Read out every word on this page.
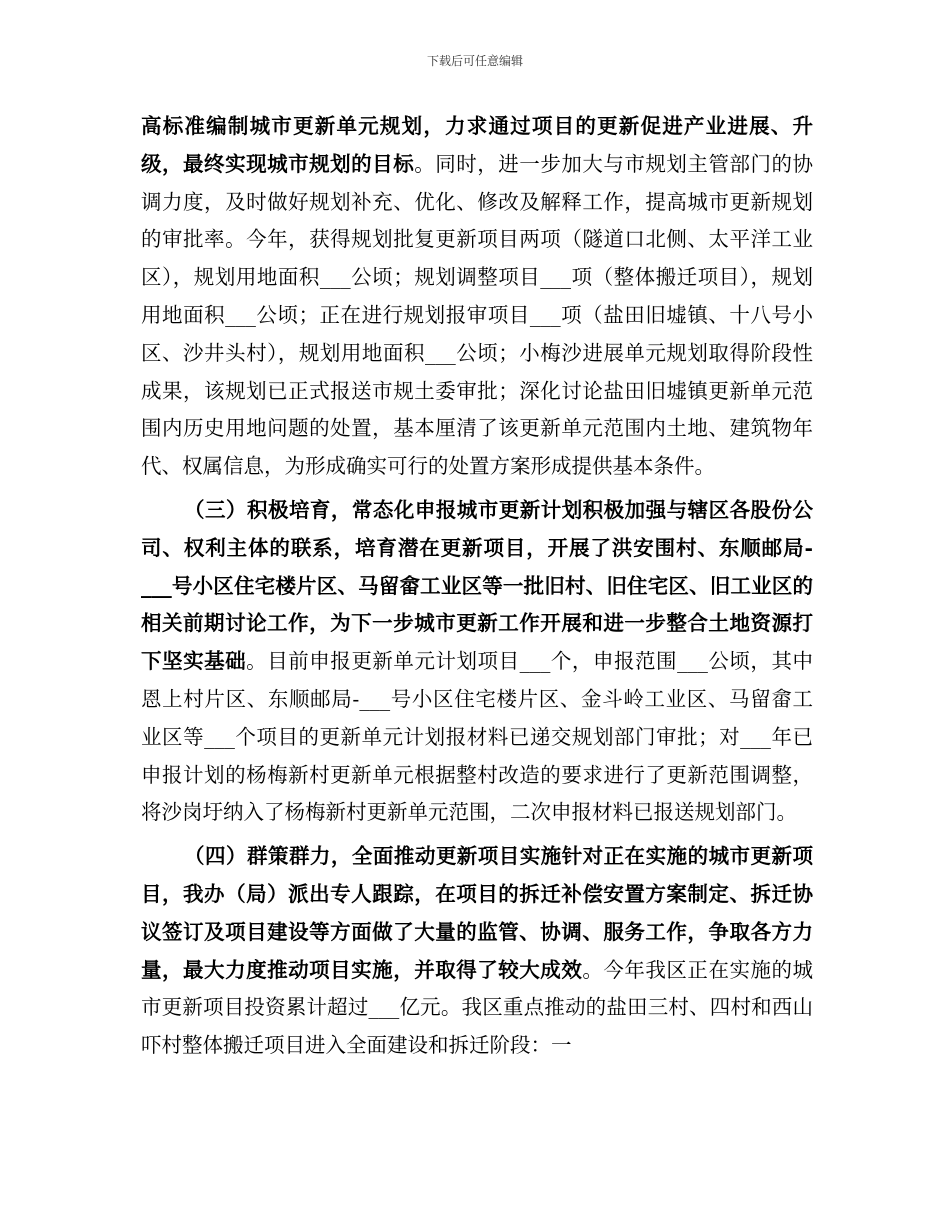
下载后可任意编辑

高标准编制城市更新单元规划，力求通过项目的更新促进产业进展、升级，最终实现城市规划的目标。同时，进一步加大与市规划主管部门的协调力度，及时做好规划补充、优化、修改及解释工作，提高城市更新规划的审批率。今年，获得规划批复更新项目两项（隧道口北侧、太平洋工业区），规划用地面积___公顷；规划调整项目___项（整体搬迁项目），规划用地面积___公顷；正在进行规划报审项目___项（盐田旧墟镇、十八号小区、沙井头村），规划用地面积___公顷；小梅沙进展单元规划取得阶段性成果，该规划已正式报送市规土委审批；深化讨论盐田旧墟镇更新单元范围内历史用地问题的处置，基本厘清了该更新单元范围内土地、建筑物年代、权属信息，为形成确实可行的处置方案形成提供基本条件。

（三）积极培育，常态化申报城市更新计划积极加强与辖区各股份公司、权利主体的联系，培育潜在更新项目，开展了洪安围村、东顺邮局-___号小区住宅楼片区、马留畲工业区等一批旧村、旧住宅区、旧工业区的相关前期讨论工作，为下一步城市更新工作开展和进一步整合土地资源打下坚实基础。目前申报更新单元计划项目___个，申报范围___公顷，其中恩上村片区、东顺邮局-___号小区住宅楼片区、金斗岭工业区、马留畲工业区等___个项目的更新单元计划报材料已递交规划部门审批；对___年已申报计划的杨梅新村更新单元根据整村改造的要求进行了更新范围调整，将沙岗圩纳入了杨梅新村更新单元范围，二次申报材料已报送规划部门。

（四）群策群力，全面推动更新项目实施针对正在实施的城市更新项目，我办（局）派出专人跟踪，在项目的拆迁补偿安置方案制定、拆迁协议签订及项目建设等方面做了大量的监管、协调、服务工作，争取各方力量，最大力度推动项目实施，并取得了较大成效。今年我区正在实施的城市更新项目投资累计超过___亿元。我区重点推动的盐田三村、四村和西山吓村整体搬迁项目进入全面建设和拆迁阶段：一
